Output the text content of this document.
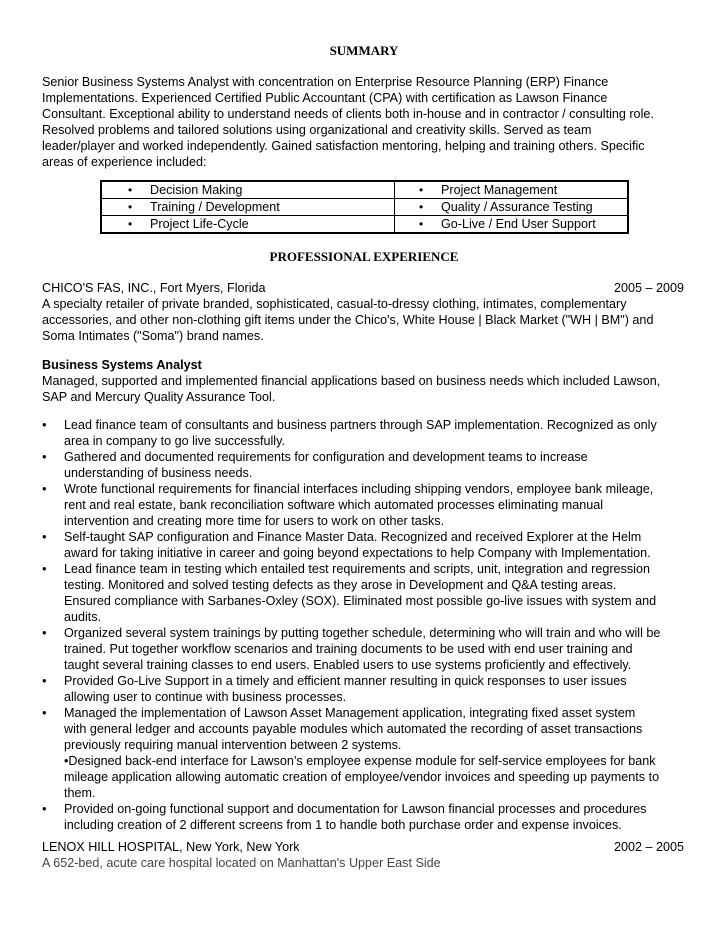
SUMMARY
Senior Business Systems Analyst with concentration on Enterprise Resource Planning (ERP) Finance
Implementations. Experienced Certified Public Accountant (CPA) with certification as Lawson Finance
Consultant. Exceptional ability to understand needs of clients both in-house and in contractor / consulting role.
Resolved problems and tailored solutions using organizational and creativity skills. Served as team
leader/player and worked independently. Gained satisfaction mentoring, helping and training others. Specific
areas of experience included:
• Decision Making	• Project Management
• Training / Development	• Quality / Assurance Testing
• Project Life-Cycle	• Go-Live / End User Support
PROFESSIONAL EXPERIENCE
CHICO'S FAS, INC., Fort Myers, Florida	2005 – 2009
A specialty retailer of private branded, sophisticated, casual-to-dressy clothing, intimates, complementary
accessories, and other non-clothing gift items under the Chico's, White House | Black Market ("WH | BM") and
Soma Intimates ("Soma") brand names.
Business Systems Analyst
Managed, supported and implemented financial applications based on business needs which included Lawson,
SAP and Mercury Quality Assurance Tool.
• Lead finance team of consultants and business partners through SAP implementation. Recognized as only
area in company to go live successfully.
• Gathered and documented requirements for configuration and development teams to increase
understanding of business needs.
• Wrote functional requirements for financial interfaces including shipping vendors, employee bank mileage,
rent and real estate, bank reconciliation software which automated processes eliminating manual
intervention and creating more time for users to work on other tasks.
• Self-taught SAP configuration and Finance Master Data. Recognized and received Explorer at the Helm
award for taking initiative in career and going beyond expectations to help Company with Implementation.
• Lead finance team in testing which entailed test requirements and scripts, unit, integration and regression
testing. Monitored and solved testing defects as they arose in Development and Q&A testing areas.
Ensured compliance with Sarbanes-Oxley (SOX). Eliminated most possible go-live issues with system and
audits.
• Organized several system trainings by putting together schedule, determining who will train and who will be
trained. Put together workflow scenarios and training documents to be used with end user training and
taught several training classes to end users. Enabled users to use systems proficiently and effectively.
• Provided Go-Live Support in a timely and efficient manner resulting in quick responses to user issues
allowing user to continue with business processes.
• Managed the implementation of Lawson Asset Management application, integrating fixed asset system
with general ledger and accounts payable modules which automated the recording of asset transactions
previously requiring manual intervention between 2 systems.
•Designed back-end interface for Lawson’s employee expense module for self-service employees for bank
mileage application allowing automatic creation of employee/vendor invoices and speeding up payments to
them.
• Provided on-going functional support and documentation for Lawson financial processes and procedures
including creation of 2 different screens from 1 to handle both purchase order and expense invoices.
LENOX HILL HOSPITAL, New York, New York	2002 – 2005
A 652-bed, acute care hospital located on Manhattan's Upper East Side
